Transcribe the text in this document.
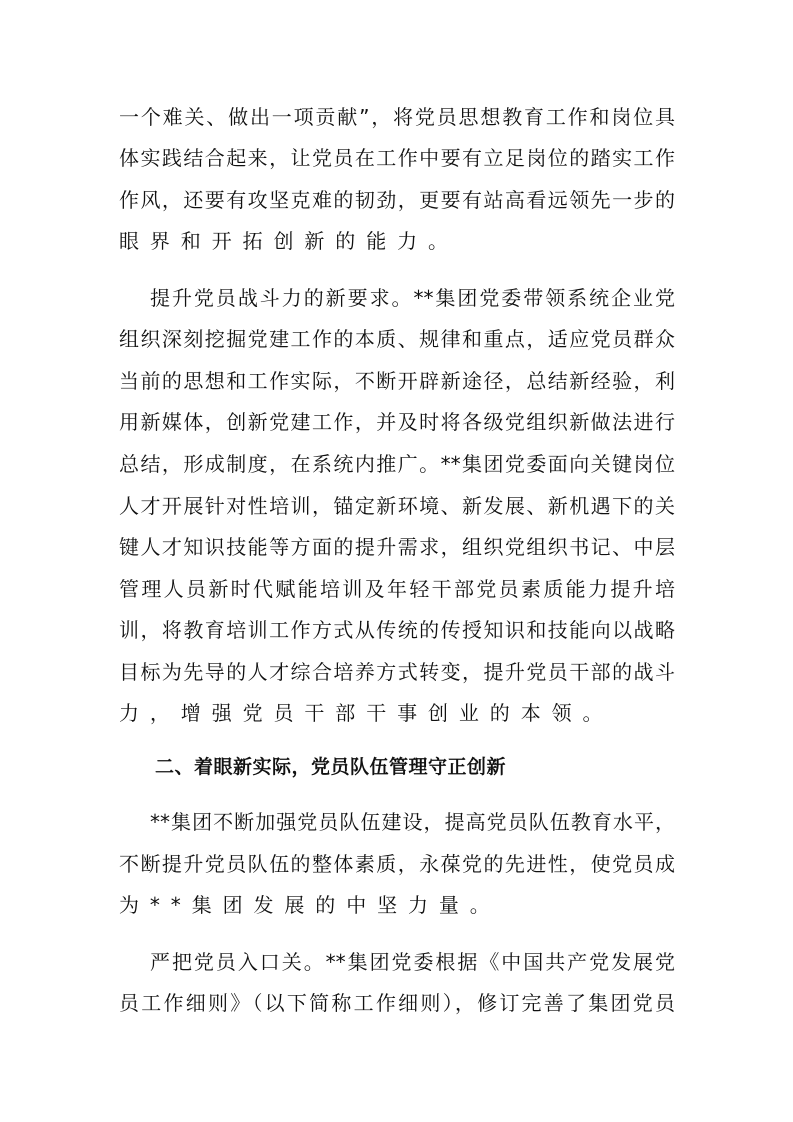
一个难关、做出一项贡献”，将党员思想教育工作和岗位具
体实践结合起来，让党员在工作中要有立足岗位的踏实工作
作风，还要有攻坚克难的韧劲，更要有站高看远领先一步的
眼界和开拓创新的能力。
提升党员战斗力的新要求。**集团党委带领系统企业党
组织深刻挖掘党建工作的本质、规律和重点，适应党员群众
当前的思想和工作实际，不断开辟新途径，总结新经验，利
用新媒体，创新党建工作，并及时将各级党组织新做法进行
总结，形成制度，在系统内推广。**集团党委面向关键岗位
人才开展针对性培训，锚定新环境、新发展、新机遇下的关
键人才知识技能等方面的提升需求，组织党组织书记、中层
管理人员新时代赋能培训及年轻干部党员素质能力提升培
训，将教育培训工作方式从传统的传授知识和技能向以战略
目标为先导的人才综合培养方式转变，提升党员干部的战斗
力，增强党员干部干事创业的本领。
二、着眼新实际，党员队伍管理守正创新
**集团不断加强党员队伍建设，提高党员队伍教育水平，
不断提升党员队伍的整体素质，永葆党的先进性，使党员成
为**集团发展的中坚力量。
严把党员入口关。**集团党委根据《中国共产党发展党
员工作细则》（以下简称工作细则），修订完善了集团党员
